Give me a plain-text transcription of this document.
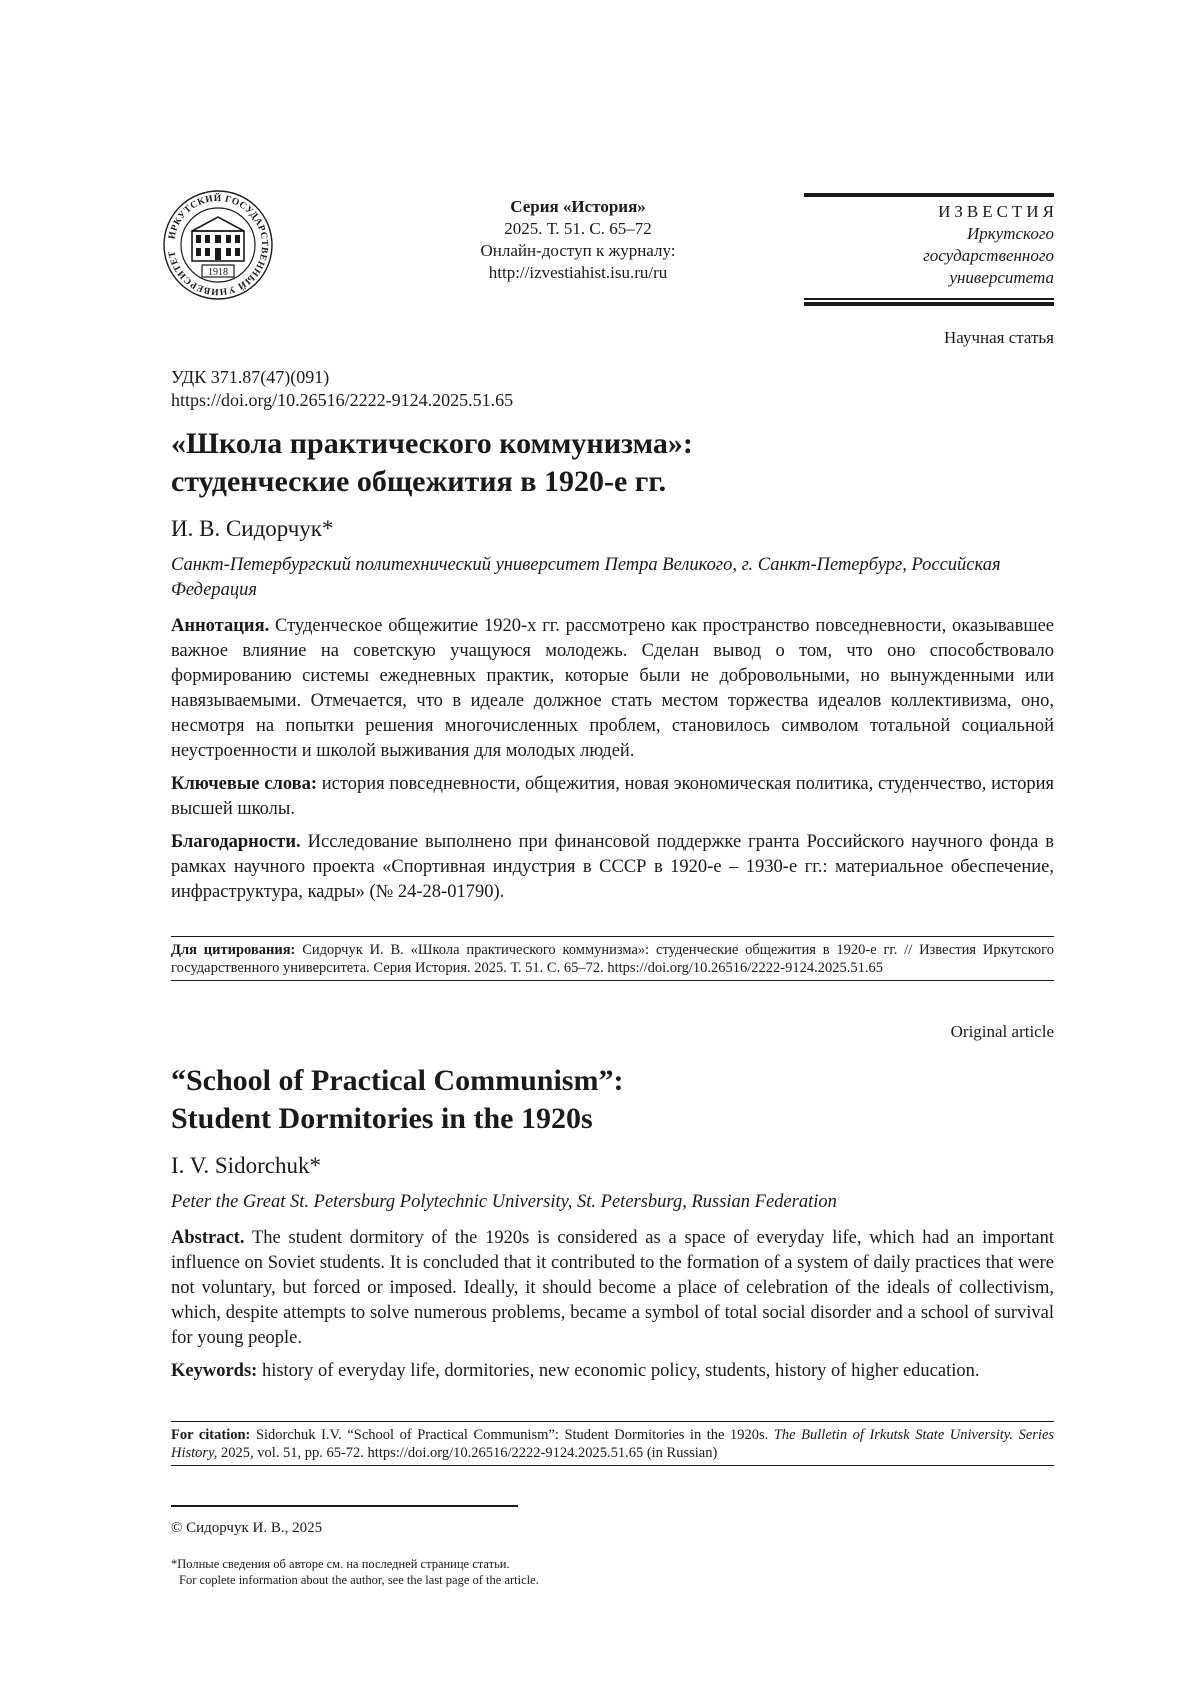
ИРКУТСКИЙ ГОСУДАРСТВЕННЫЙ УНИВЕРСИТЕТ
1918
Серия «История»
2025. Т. 51. С. 65–72
Онлайн-доступ к журналу:
http://izvestiahist.isu.ru/ru
ИЗВЕСТИЯ
Иркутского
государственного
университета
Научная статья
УДК 371.87(47)(091)
https://doi.org/10.26516/2222-9124.2025.51.65
«Школа практического коммунизма»:
студенческие общежития в 1920-е гг.
И. В. Сидорчук*
Санкт-Петербургский политехнический университет Петра Великого, г. Санкт-Петербург, Российская Федерация

Аннотация. Студенческое общежитие 1920-х гг. рассмотрено как пространство повседневности, оказывавшее важное влияние на советскую учащуюся молодежь. Сделан вывод о том, что оно способствовало формированию системы ежедневных практик, которые были не добровольными, но вынужденными или навязываемыми. Отмечается, что в идеале должное стать местом торжества идеалов коллективизма, оно, несмотря на попытки решения многочисленных проблем, становилось символом тотальной социальной неустроенности и школой выживания для молодых людей.

Ключевые слова: история повседневности, общежития, новая экономическая политика, студенчество, история высшей школы.

Благодарности. Исследование выполнено при финансовой поддержке гранта Российского научного фонда в рамках научного проекта «Спортивная индустрия в СССР в 1920-е – 1930-е гг.: материальное обеспечение, инфраструктура, кадры» (№ 24-28-01790).

Для цитирования: Сидорчук И. В. «Школа практического коммунизма»: студенческие общежития в 1920-е гг. // Известия Иркутского государственного университета. Серия История. 2025. Т. 51. С. 65–72. https://doi.org/10.26516/2222-9124.2025.51.65
Original article
“School of Practical Communism”:
Student Dormitories in the 1920s
I. V. Sidorchuk*
Peter the Great St. Petersburg Polytechnic University, St. Petersburg, Russian Federation

Abstract. The student dormitory of the 1920s is considered as a space of everyday life, which had an important influence on Soviet students. It is concluded that it contributed to the formation of a system of daily practices that were not voluntary, but forced or imposed. Ideally, it should become a place of celebration of the ideals of collectivism, which, despite attempts to solve numerous problems, became a symbol of total social disorder and a school of survival for young people.

Keywords: history of everyday life, dormitories, new economic policy, students, history of higher education.

For citation: Sidorchuk I.V. “School of Practical Communism”: Student Dormitories in the 1920s. The Bulletin of Irkutsk State University. Series History, 2025, vol. 51, pp. 65-72. https://doi.org/10.26516/2222-9124.2025.51.65 (in Russian)
© Сидорчук И. В., 2025
*Полные сведения об авторе см. на последней странице статьи.
For coplete information about the author, see the last page of the article.
